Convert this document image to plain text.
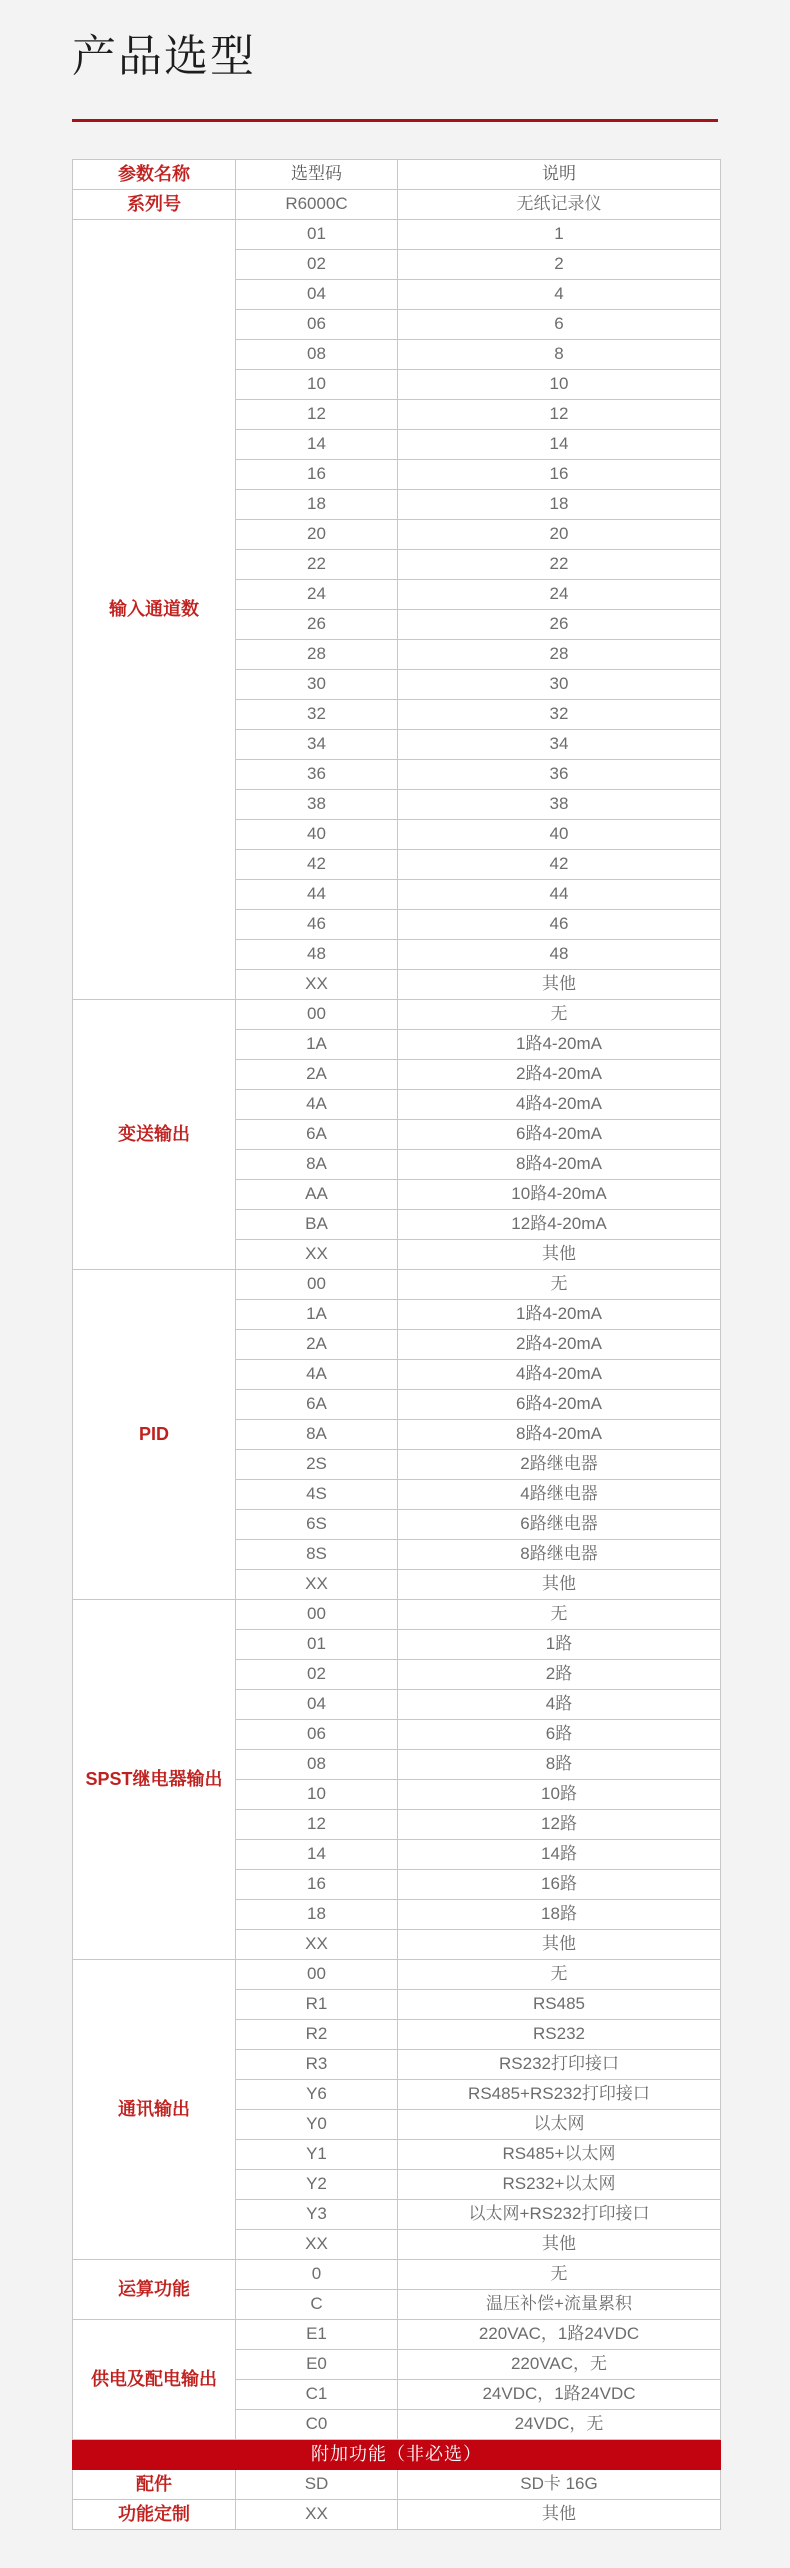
产品选型
参数名称	选型码	说明
系列号	R6000C	无纸记录仪
输入通道数	01	1
	02	2
	04	4
	06	6
	08	8
	10	10
	12	12
	14	14
	16	16
	18	18
	20	20
	22	22
	24	24
	26	26
	28	28
	30	30
	32	32
	34	34
	36	36
	38	38
	40	40
	42	42
	44	44
	46	46
	48	48
	XX	其他
变送输出	00	无
	1A	1路4-20mA
	2A	2路4-20mA
	4A	4路4-20mA
	6A	6路4-20mA
	8A	8路4-20mA
	AA	10路4-20mA
	BA	12路4-20mA
	XX	其他
PID	00	无
	1A	1路4-20mA
	2A	2路4-20mA
	4A	4路4-20mA
	6A	6路4-20mA
	8A	8路4-20mA
	2S	2路继电器
	4S	4路继电器
	6S	6路继电器
	8S	8路继电器
	XX	其他
SPST继电器输出	00	无
	01	1路
	02	2路
	04	4路
	06	6路
	08	8路
	10	10路
	12	12路
	14	14路
	16	16路
	18	18路
	XX	其他
通讯输出	00	无
	R1	RS485
	R2	RS232
	R3	RS232打印接口
	Y6	RS485+RS232打印接口
	Y0	以太网
	Y1	RS485+以太网
	Y2	RS232+以太网
	Y3	以太网+RS232打印接口
	XX	其他
运算功能	0	无
	C	温压补偿+流量累积
供电及配电输出	E1	220VAC，1路24VDC
	E0	220VAC，无
	C1	24VDC，1路24VDC
	C0	24VDC，无
附加功能（非必选）		
配件	SD	SD卡 16G
功能定制	XX	其他
